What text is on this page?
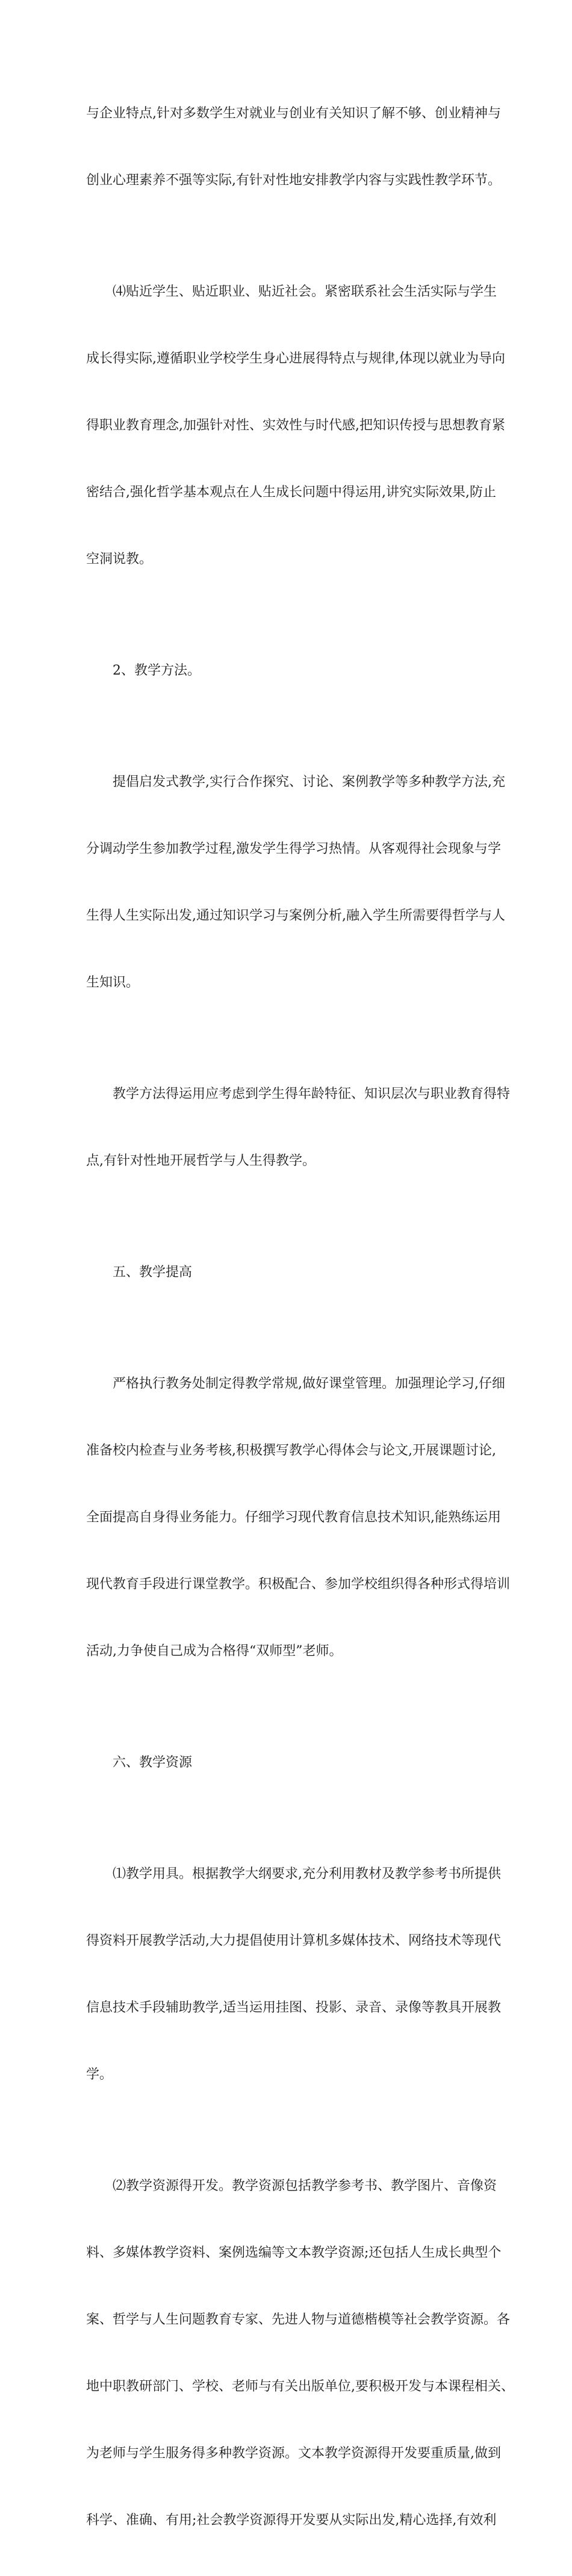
与企业特点,针对多数学生对就业与创业有关知识了解不够、创业精神与

创业心理素养不强等实际,有针对性地安排教学内容与实践性教学环节。

⑷贴近学生、贴近职业、贴近社会。紧密联系社会生活实际与学生

成长得实际,遵循职业学校学生身心进展得特点与规律,体现以就业为导向

得职业教育理念,加强针对性、实效性与时代感,把知识传授与思想教育紧

密结合,强化哲学基本观点在人生成长问题中得运用,讲究实际效果,防止

空洞说教。

2、教学方法。

提倡启发式教学,实行合作探究、讨论、案例教学等多种教学方法,充

分调动学生参加教学过程,激发学生得学习热情。从客观得社会现象与学

生得人生实际出发,通过知识学习与案例分析,融入学生所需要得哲学与人

生知识。

教学方法得运用应考虑到学生得年龄特征、知识层次与职业教育得特

点,有针对性地开展哲学与人生得教学。

五、教学提高

严格执行教务处制定得教学常规,做好课堂管理。加强理论学习,仔细

准备校内检查与业务考核,积极撰写教学心得体会与论文,开展课题讨论,

全面提高自身得业务能力。仔细学习现代教育信息技术知识,能熟练运用

现代教育手段进行课堂教学。积极配合、参加学校组织得各种形式得培训

活动,力争使自己成为合格得“双师型”老师。

六、教学资源

⑴教学用具。根据教学大纲要求,充分利用教材及教学参考书所提供

得资料开展教学活动,大力提倡使用计算机多媒体技术、网络技术等现代

信息技术手段辅助教学,适当运用挂图、投影、录音、录像等教具开展教

学。

⑵教学资源得开发。教学资源包括教学参考书、教学图片、音像资

料、多媒体教学资料、案例选编等文本教学资源;还包括人生成长典型个

案、哲学与人生问题教育专家、先进人物与道德楷模等社会教学资源。各

地中职教研部门、学校、老师与有关出版单位,要积极开发与本课程相关、

为老师与学生服务得多种教学资源。文本教学资源得开发要重质量,做到

科学、准确、有用;社会教学资源得开发要从实际出发,精心选择,有效利
